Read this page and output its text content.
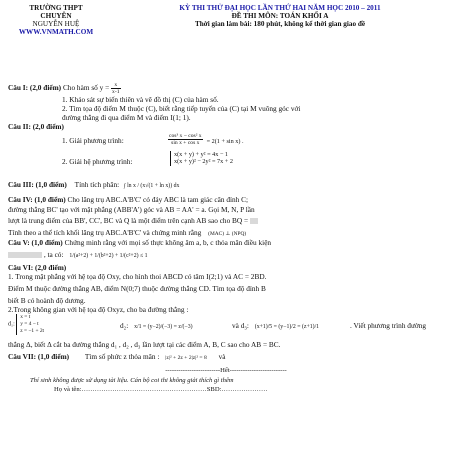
TRƯỜNG THPT
CHUYÊN
NGUYỄN HUỆ
WWW.VNMATH.COM
KỲ THI THỬ ĐẠI HỌC LẦN THỨ HAI NĂM HỌC 2010 – 2011
ĐỀ THI MÔN: TOÁN KHỐI A
Thời gian làm bài: 180 phút, không kể thời gian giao đề
Câu I: (2,0 điểm) Cho hàm số $y = \frac{x}{x-1}$
1. Khảo sát sự biến thiên và vẽ đồ thị (C) của hàm số.
2. Tìm tọa độ điểm M thuộc (C), biết rằng tiếp tuyến của (C) tại M vuông góc với
đường thẳng đi qua điểm M và điểm I(1; 1).
Câu II: (2,0 điểm)
1. Giải phương trình:	$\frac{\text{cos³ x − cos² x}}{\text{sin x + cos x}} = 2(1 + \sin x)$ .
2. Giải hệ phương trình:
x(x + y) + y² = 4x − 1
x(x + y)² − 2y² = 7x + 2
Câu III: (1,0 điểm) Tính tích phân: ∫ ln x / (x√(1 + ln x)) dx
Câu IV: (1,0 điểm) Cho lăng trụ ABC.A'B'C' có đáy ABC là tam giác cân đỉnh C;
đường thẳng BC' tạo với mặt phẳng (ABB'A') góc và AB = AA' = a. Gọi M, N, P lần
lượt là trung điểm của BB', CC', BC và Q là một điểm trên cạnh AB sao cho BQ =
Tính theo a thể tích khối lăng trụ ABC.A'B'C' và chứng minh rằng (MAC) ⊥ (NPQ)
Câu V: (1,0 điểm) Chứng minh rằng với mọi số thực không âm a, b, c thỏa mãn điều kiện
, ta có: 1/(a²+2) + 1/(b²+2) + 1/(c²+2) ≤ 1
Câu VI: (2,0 điểm)
1. Trong mặt phẳng với hệ tọa độ Oxy, cho hình thoi ABCD có tâm I(2;1) và AC = 2BD.
Điểm M thuộc đường thẳng AB, điểm N(0;7) thuộc đường thẳng CD. Tìm tọa độ đỉnh B
biết B có hoành độ dương.
2.Trong không gian với hệ tọa độ Oxyz, cho ba đường thẳng :
d₁: x = t
y = 4 − t
z = −1 + 2t
d₂: x/1 = (y−2)/(−3) = z/(−3)	và d₃: (x+1)/5 = (y−1)/2 = (z+1)/1	. Viết phương trình đường
thẳng Δ, biết Δ cắt ba đường thẳng d₁ , d₂ , d₃ lần lượt tại các điểm A, B, C sao cho AB = BC.
Câu VII: (1,0 điểm) Tìm số phức z thỏa mãn : |z|² + 2z + 2|z|² = 8 và
-------------------------Hết--------------------------
Thí sinh không được sử dụng tài liệu. Cán bộ coi thi không giải thích gì thêm
Họ và tên:…………………………………………………SBD:…………………
